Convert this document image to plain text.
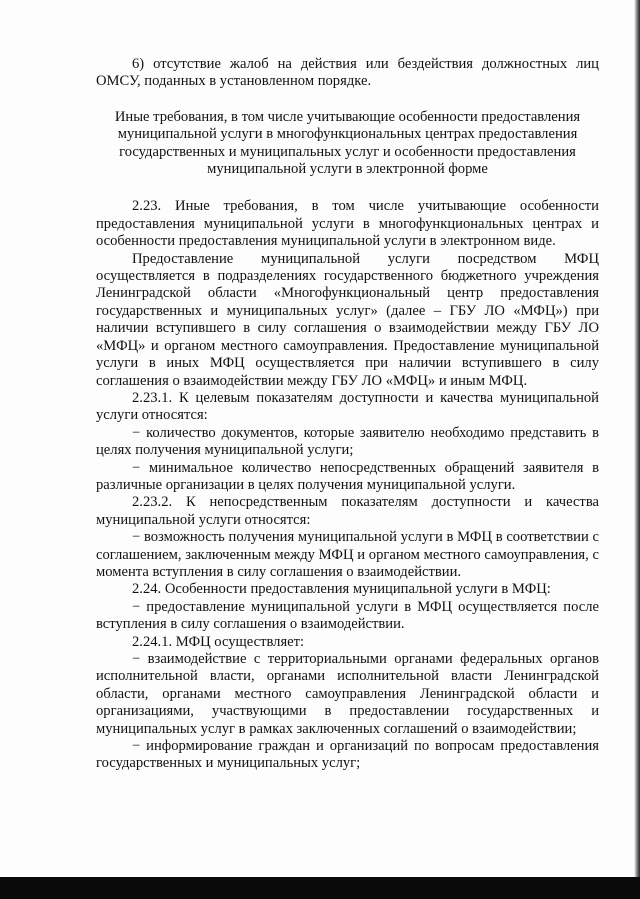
6) отсутствие жалоб на действия или бездействия должностных лиц ОМСУ, поданных в установленном порядке.

Иные требования, в том числе учитывающие особенности предоставления муниципальной услуги в многофункциональных центрах предоставления государственных и муниципальных услуг и особенности предоставления муниципальной услуги в электронной форме

2.23. Иные требования, в том числе учитывающие особенности предоставления муниципальной услуги в многофункциональных центрах и особенности предоставления муниципальной услуги в электронном виде.

Предоставление муниципальной услуги посредством МФЦ осуществляется в подразделениях государственного бюджетного учреждения Ленинградской области «Многофункциональный центр предоставления государственных и муниципальных услуг» (далее – ГБУ ЛО «МФЦ») при наличии вступившего в силу соглашения о взаимодействии между ГБУ ЛО «МФЦ» и органом местного самоуправления. Предоставление муниципальной услуги в иных МФЦ осуществляется при наличии вступившего в силу соглашения о взаимодействии между ГБУ ЛО «МФЦ» и иным МФЦ.

2.23.1. К целевым показателям доступности и качества муниципальной услуги относятся:

− количество документов, которые заявителю необходимо представить в целях получения муниципальной услуги;

− минимальное количество непосредственных обращений заявителя в различные организации в целях получения муниципальной услуги.

2.23.2. К непосредственным показателям доступности и качества муниципальной услуги относятся:

− возможность получения муниципальной услуги в МФЦ в соответствии с соглашением, заключенным между МФЦ и органом местного самоуправления, с момента вступления в силу соглашения о взаимодействии.

2.24. Особенности предоставления муниципальной услуги в МФЦ:

− предоставление муниципальной услуги в МФЦ осуществляется после вступления в силу соглашения о взаимодействии.

2.24.1. МФЦ осуществляет:

− взаимодействие с территориальными органами федеральных органов исполнительной власти, органами исполнительной власти Ленинградской области, органами местного самоуправления Ленинградской области и организациями, участвующими в предоставлении государственных и муниципальных услуг в рамках заключенных соглашений о взаимодействии;

− информирование граждан и организаций по вопросам предоставления государственных и муниципальных услуг;
